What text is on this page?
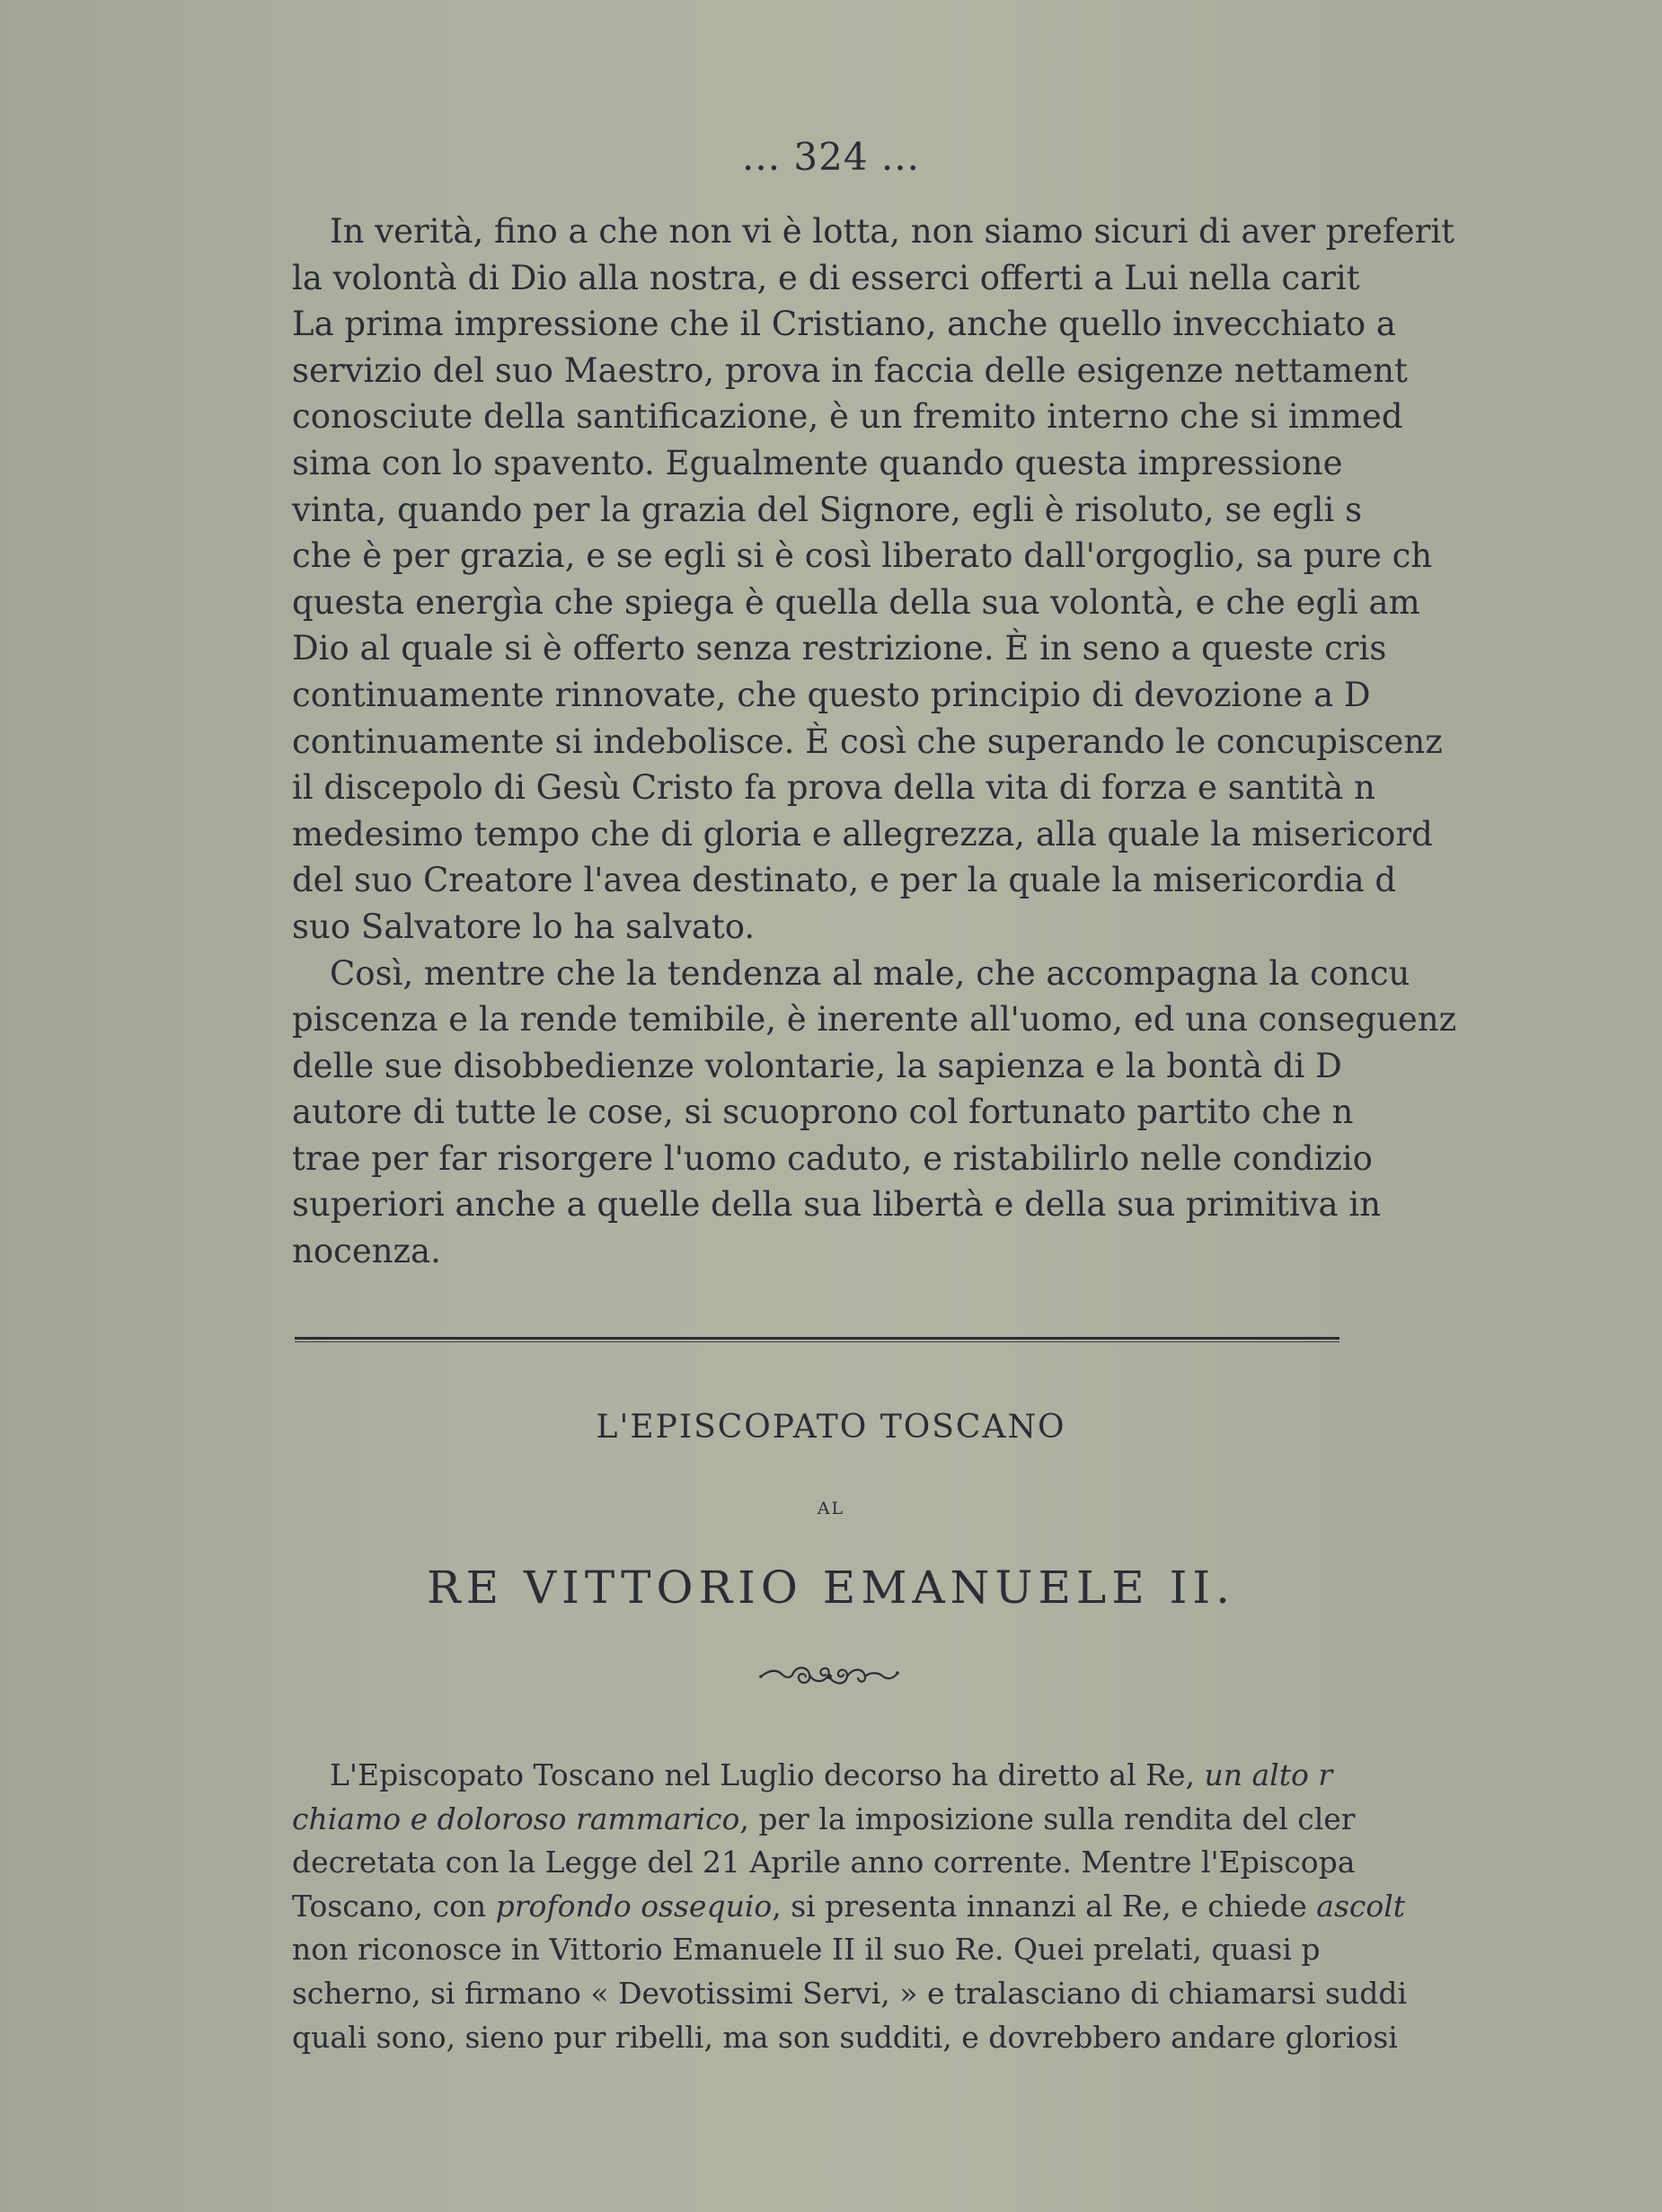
... 324 ...
In verità, fino a che non vi è lotta, non siamo sicuri di aver preferit
la volontà di Dio alla nostra, e di esserci offerti a Lui nella carit
La prima impressione che il Cristiano, anche quello invecchiato a
servizio del suo Maestro, prova in faccia delle esigenze nettament
conosciute della santificazione, è un fremito interno che si immed
sima con lo spavento. Egualmente quando questa impressione
vinta, quando per la grazia del Signore, egli è risoluto, se egli s
che è per grazia, e se egli si è così liberato dall'orgoglio, sa pure ch
questa energìa che spiega è quella della sua volontà, e che egli am
Dio al quale si è offerto senza restrizione. È in seno a queste cris
continuamente rinnovate, che questo principio di devozione a D
continuamente si indebolisce. È così che superando le concupiscenz
il discepolo di Gesù Cristo fa prova della vita di forza e santità n
medesimo tempo che di gloria e allegrezza, alla quale la misericord
del suo Creatore l'avea destinato, e per la quale la misericordia d
suo Salvatore lo ha salvato.
Così, mentre che la tendenza al male, che accompagna la concu
piscenza e la rende temibile, è inerente all'uomo, ed una conseguenz
delle sue disobbedienze volontarie, la sapienza e la bontà di D
autore di tutte le cose, si scuoprono col fortunato partito che n
trae per far risorgere l'uomo caduto, e ristabilirlo nelle condizio
superiori anche a quelle della sua libertà e della sua primitiva in
nocenza.
L'EPISCOPATO TOSCANO
AL
RE VITTORIO EMANUELE II.
L'Episcopato Toscano nel Luglio decorso ha diretto al Re, un alto r
chiamo e doloroso rammarico, per la imposizione sulla rendita del cler
decretata con la Legge del 21 Aprile anno corrente. Mentre l'Episcopa
Toscano, con profondo ossequio, si presenta innanzi al Re, e chiede ascolt
non riconosce in Vittorio Emanuele II il suo Re. Quei prelati, quasi p
scherno, si firmano « Devotissimi Servi, » e tralasciano di chiamarsi suddi
quali sono, sieno pur ribelli, ma son sudditi, e dovrebbero andare gloriosi
